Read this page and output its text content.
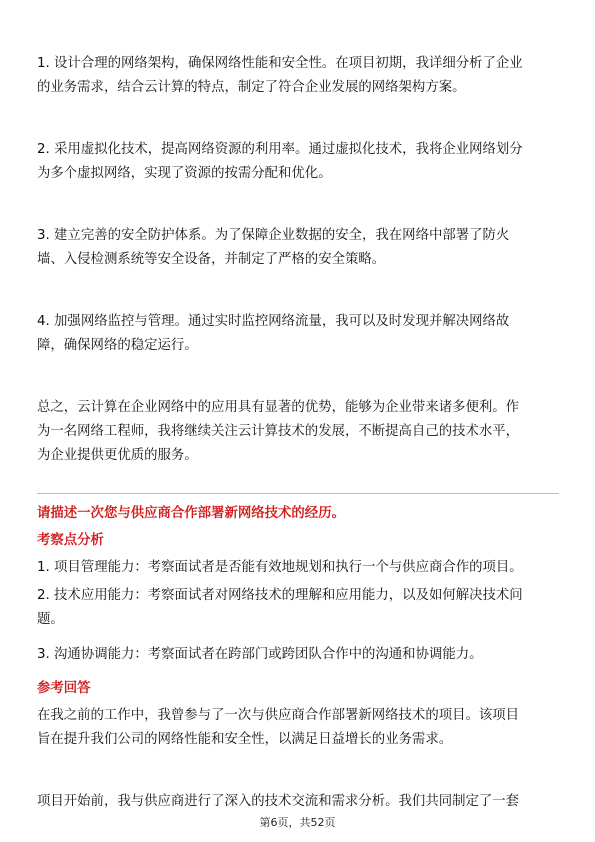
1. 设计合理的网络架构，确保网络性能和安全性。在项目初期，我详细分析了企业
的业务需求，结合云计算的特点，制定了符合企业发展的网络架构方案。

2. 采用虚拟化技术，提高网络资源的利用率。通过虚拟化技术，我将企业网络划分
为多个虚拟网络，实现了资源的按需分配和优化。

3. 建立完善的安全防护体系。为了保障企业数据的安全，我在网络中部署了防火
墙、入侵检测系统等安全设备，并制定了严格的安全策略。

4. 加强网络监控与管理。通过实时监控网络流量，我可以及时发现并解决网络故
障，确保网络的稳定运行。

总之，云计算在企业网络中的应用具有显著的优势，能够为企业带来诸多便利。作
为一名网络工程师，我将继续关注云计算技术的发展，不断提高自己的技术水平，
为企业提供更优质的服务。

请描述一次您与供应商合作部署新网络技术的经历。

考察点分析

1. 项目管理能力：考察面试者是否能有效地规划和执行一个与供应商合作的项目。

2. 技术应用能力：考察面试者对网络技术的理解和应用能力，以及如何解决技术问
题。

3. 沟通协调能力：考察面试者在跨部门或跨团队合作中的沟通和协调能力。

参考回答

在我之前的工作中，我曾参与了一次与供应商合作部署新网络技术的项目。该项目
旨在提升我们公司的网络性能和安全性，以满足日益增长的业务需求。

项目开始前，我与供应商进行了深入的技术交流和需求分析。我们共同制定了一套

第6页，共52页
